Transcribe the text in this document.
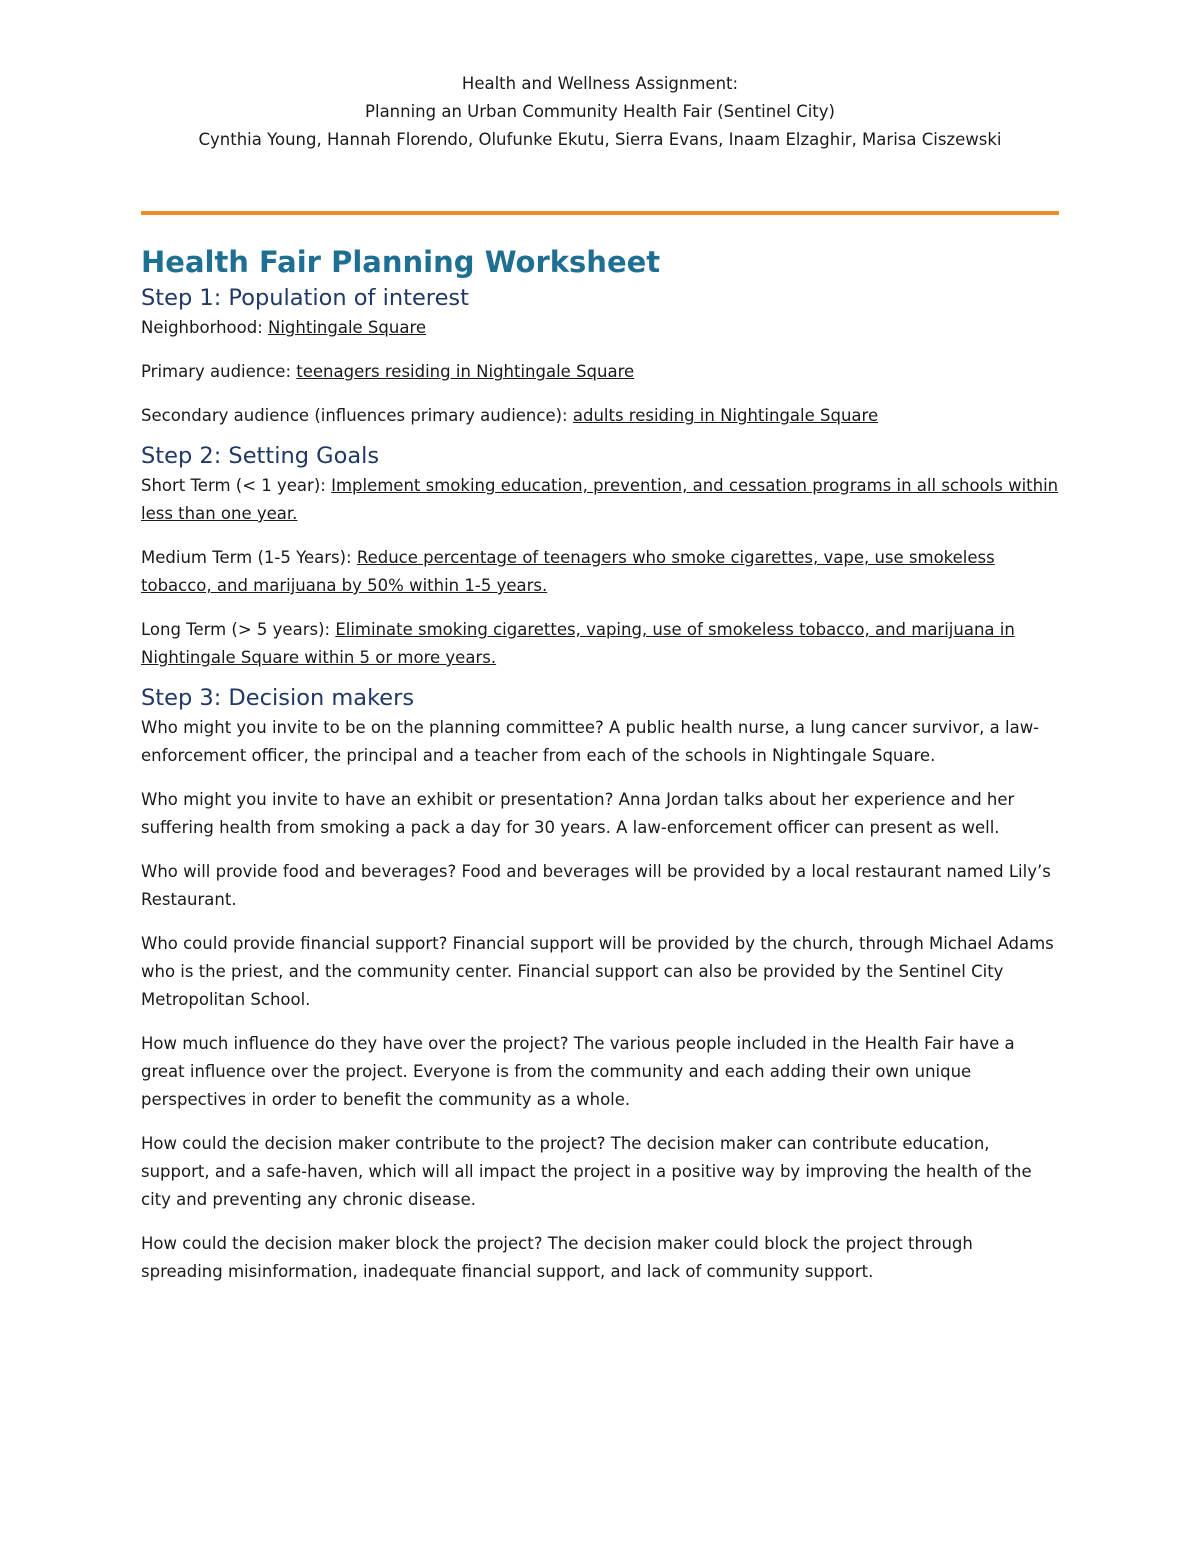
Health and Wellness Assignment:
Planning an Urban Community Health Fair (Sentinel City)
Cynthia Young, Hannah Florendo, Olufunke Ekutu, Sierra Evans, Inaam Elzaghir, Marisa Ciszewski
Health Fair Planning Worksheet
Step 1: Population of interest

Neighborhood: Nightingale Square

Primary audience: teenagers residing in Nightingale Square

Secondary audience (influences primary audience): adults residing in Nightingale Square

Step 2: Setting Goals

Short Term (< 1 year): Implement smoking education, prevention, and cessation programs in all schools within less than one year.

Medium Term (1-5 Years): Reduce percentage of teenagers who smoke cigarettes, vape, use smokeless tobacco, and marijuana by 50% within 1-5 years.

Long Term (> 5 years): Eliminate smoking cigarettes, vaping, use of smokeless tobacco, and marijuana in Nightingale Square within 5 or more years.

Step 3: Decision makers

Who might you invite to be on the planning committee? A public health nurse, a lung cancer survivor, a law-enforcement officer, the principal and a teacher from each of the schools in Nightingale Square.

Who might you invite to have an exhibit or presentation? Anna Jordan talks about her experience and her suffering health from smoking a pack a day for 30 years. A law-enforcement officer can present as well.

Who will provide food and beverages? Food and beverages will be provided by a local restaurant named Lily’s Restaurant.

Who could provide financial support? Financial support will be provided by the church, through Michael Adams who is the priest, and the community center. Financial support can also be provided by the Sentinel City Metropolitan School.

How much influence do they have over the project? The various people included in the Health Fair have a great influence over the project. Everyone is from the community and each adding their own unique perspectives in order to benefit the community as a whole.

How could the decision maker contribute to the project? The decision maker can contribute education, support, and a safe-haven, which will all impact the project in a positive way by improving the health of the city and preventing any chronic disease.

How could the decision maker block the project? The decision maker could block the project through spreading misinformation, inadequate financial support, and lack of community support.
